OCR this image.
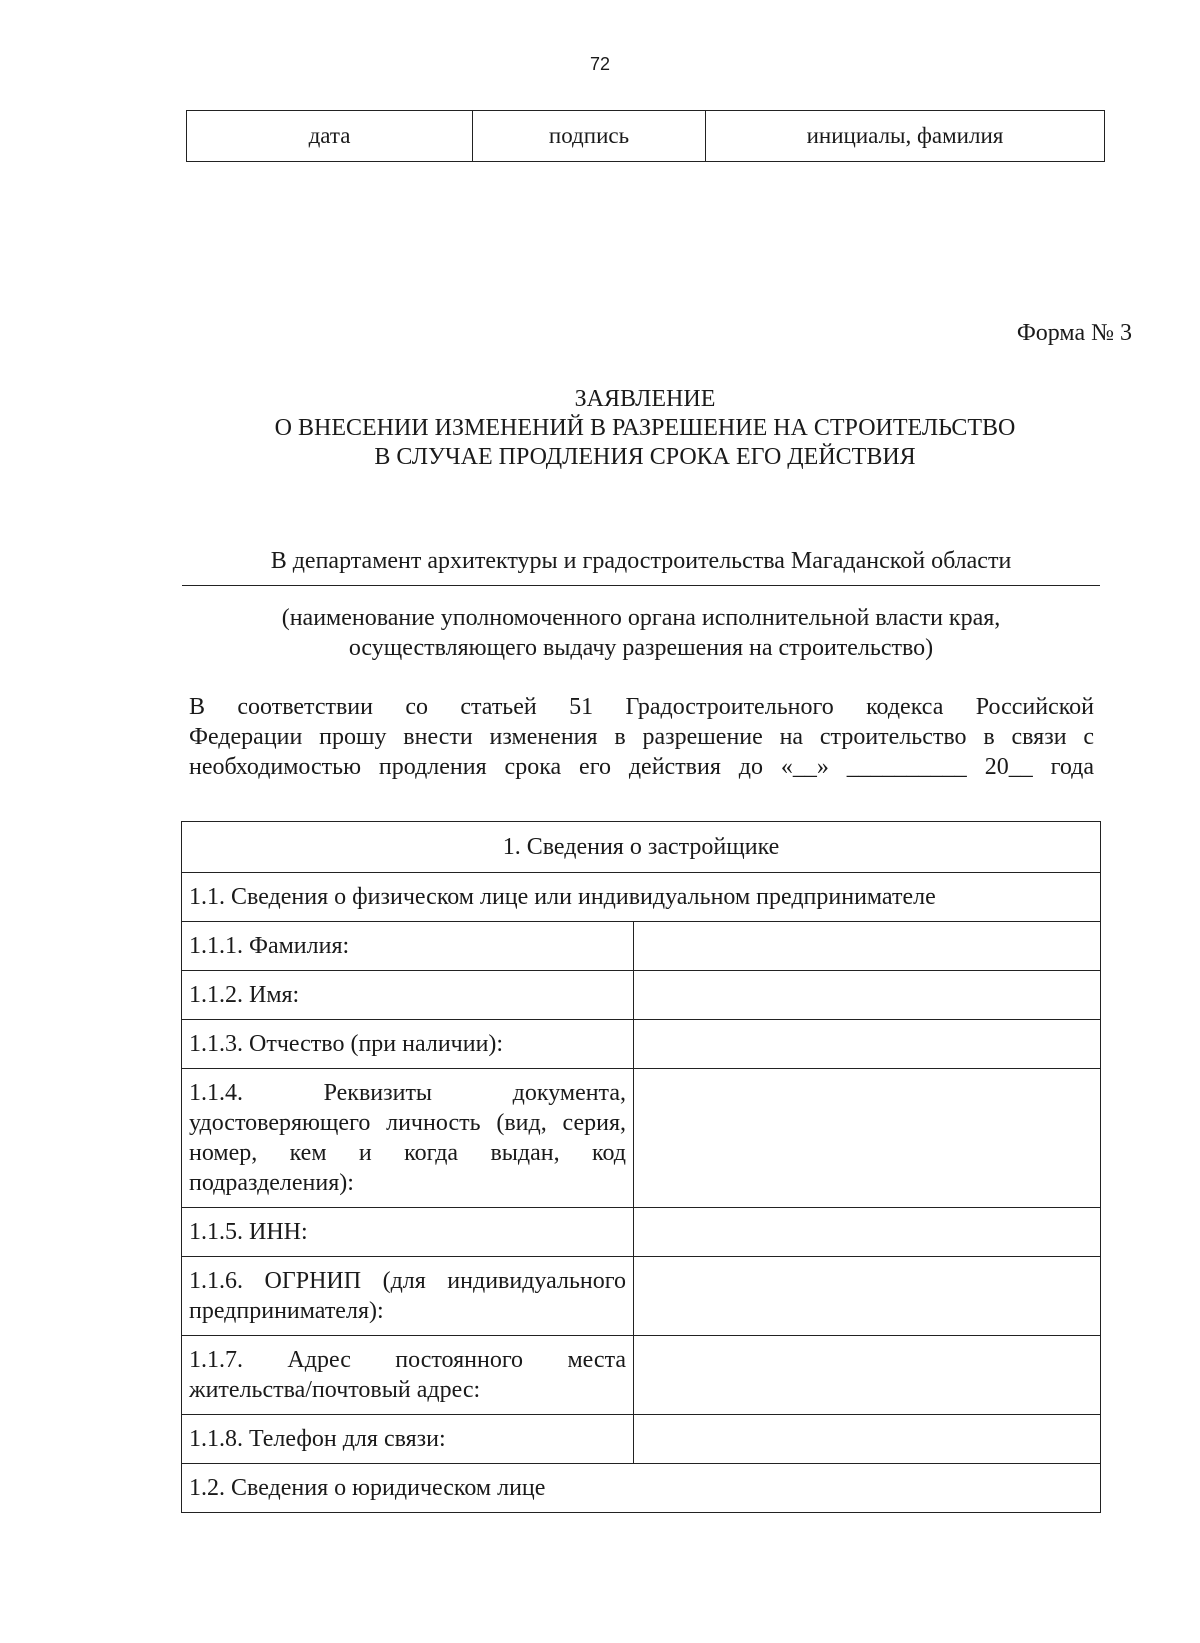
72
дата	подпись	инициалы, фамилия
Форма № 3
ЗАЯВЛЕНИЕ
О ВНЕСЕНИИ ИЗМЕНЕНИЙ В РАЗРЕШЕНИЕ НА СТРОИТЕЛЬСТВО
В СЛУЧАЕ ПРОДЛЕНИЯ СРОКА ЕГО ДЕЙСТВИЯ
В департамент архитектуры и градостроительства Магаданской области
(наименование уполномоченного органа исполнительной власти края,
осуществляющего выдачу разрешения на строительство)
В соответствии со статьей 51 Градостроительного кодекса Российской
Федерации прошу внести изменения в разрешение на строительство в связи с
необходимостью продления срока его действия до «__» __________ 20__ года
1. Сведения о застройщике	
1.1. Сведения о физическом лице или индивидуальном предпринимателе	
1.1.1. Фамилия:	
1.1.2. Имя:	
1.1.3. Отчество (при наличии):	
1.1.4. Реквизиты документа, удостоверяющего личность (вид, серия, номер, кем и когда выдан, код подразделения):	
1.1.5. ИНН:	
1.1.6. ОГРНИП (для индивидуального предпринимателя):	
1.1.7. Адрес постоянного места жительства/почтовый адрес:	
1.1.8. Телефон для связи:	
1.2. Сведения о юридическом лице	
